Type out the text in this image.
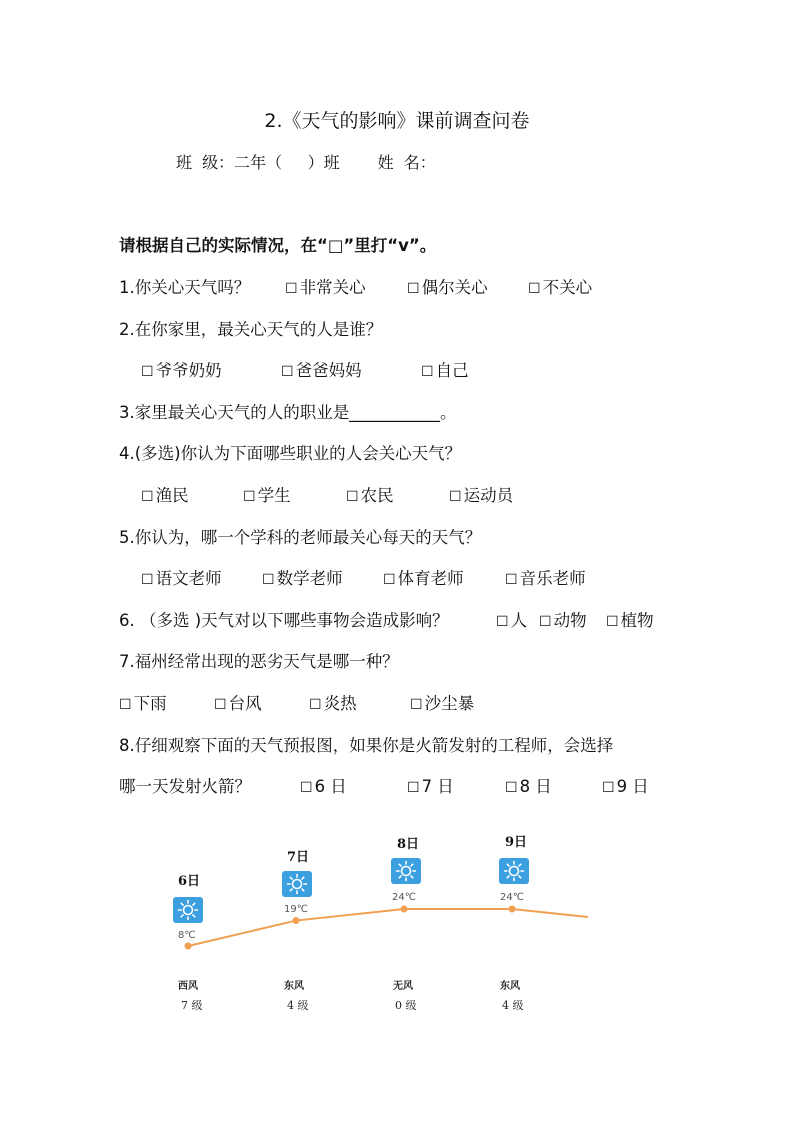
2.《天气的影响》课前调查问卷
班  级：二年（     ）班 姓  名：
请根据自己的实际情况，在“□”里打“v”。
1.你关心天气吗？ ☐ 非常关心	☐ 偶尔关心	☐ 不关心
2.在你家里，最关心天气的人是谁？
☐ 爷爷奶奶	☐ 爸爸妈妈	☐ 自己
3.家里最关心天气的人的职业是___________。
4.(多选)你认为下面哪些职业的人会关心天气？
☐ 渔民	☐ 学生	☐ 农民	☐ 运动员
5.你认为，哪一个学科的老师最关心每天的天气？
☐ 语文老师	☐ 数学老师	☐ 体育老师	☐ 音乐老师
6. （多选 )天气对以下哪些事物会造成影响？	☐ 人 ☐ 动物 ☐ 植物
7.福州经常出现的恶劣天气是哪一种？
☐ 下雨	☐ 台风	☐ 炎热	☐ 沙尘暴
8.仔细观察下面的天气预报图，如果你是火箭发射的工程师，会选择
哪一天发射火箭？	☐ 6 日	☐ 7 日	☐ 8 日	☐ 9 日
6日
8℃
西风
7 级
7日
19℃
东风
4 级
8日
24℃
无风
0 级
9日
24℃
东风
4 级
